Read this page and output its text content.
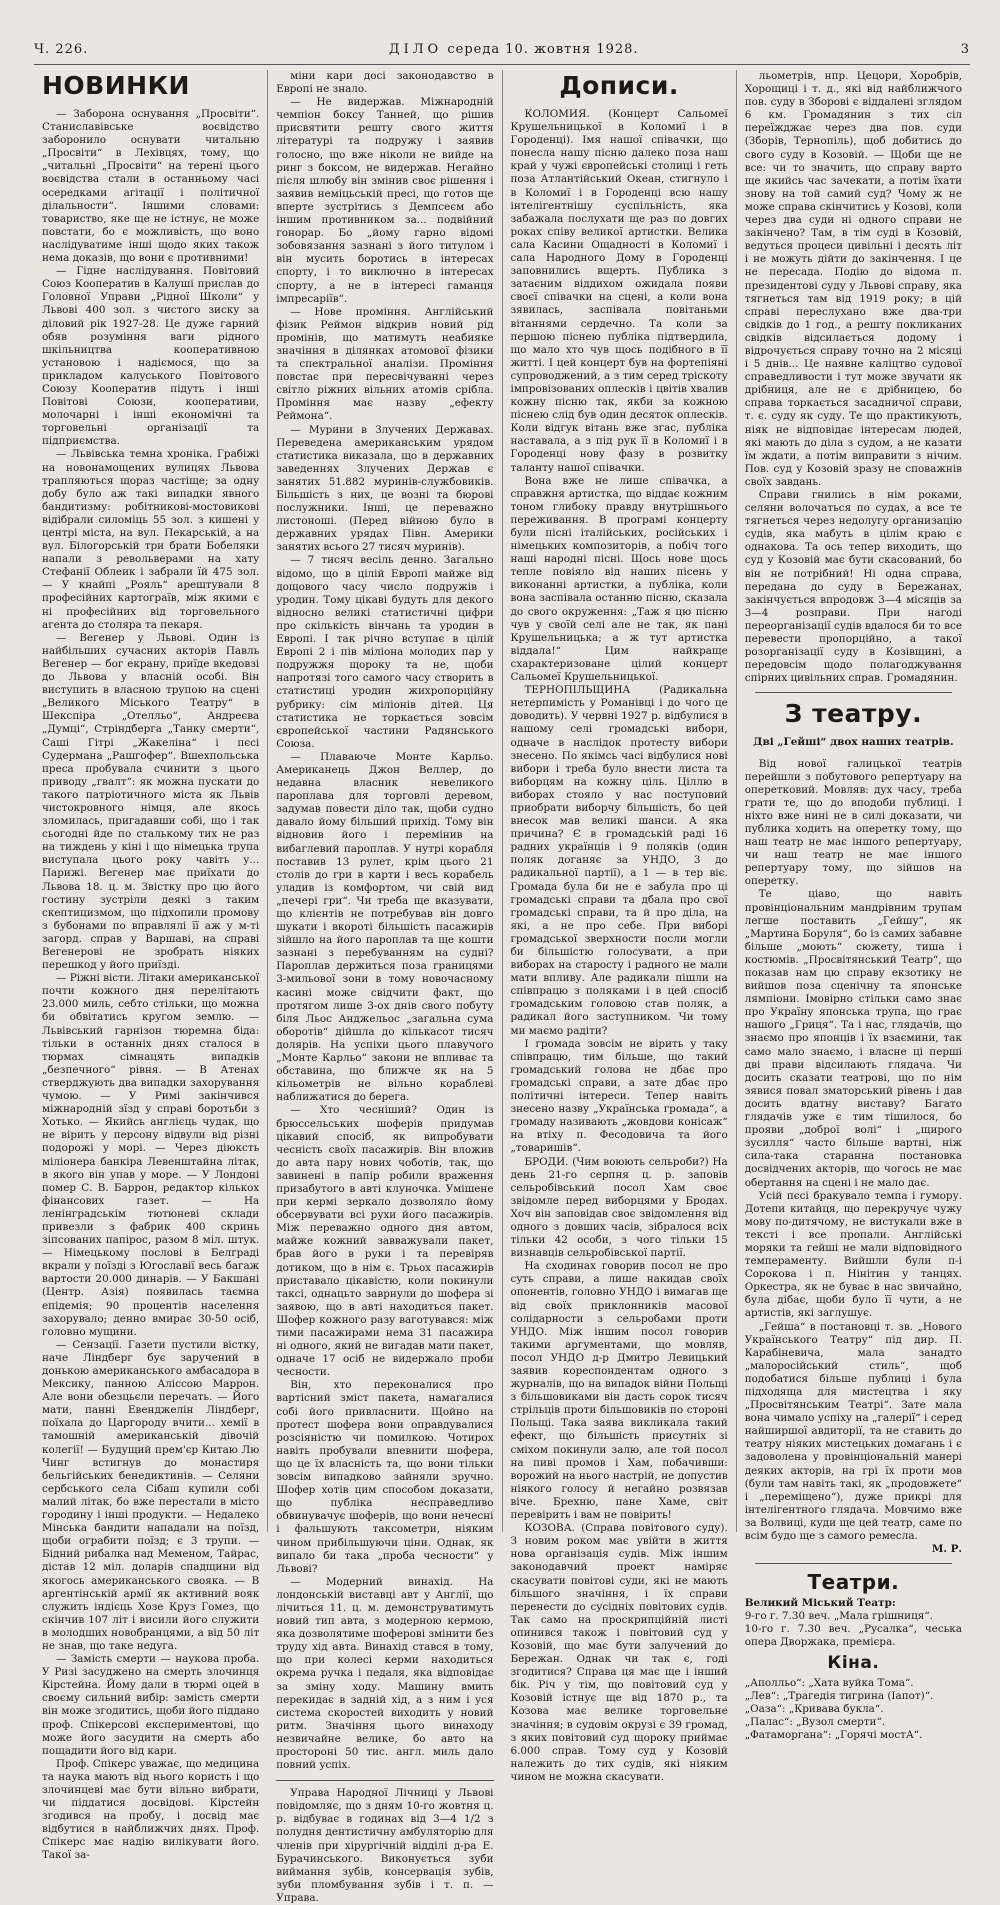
Ч. 226.	ДІЛО середа 10. жовтня 1928.	3
НОВИНКИ

— Заборона оснування „Просвіти“. Станиславівське воєвідство заборонило оснувати читальню „Просвіти“ в Лехівцях, тому, що „читальні „Просвіти“ на терені цього воєвідства стали в останньому часі осередками агітації і політичної ділальности“. Іншими словами: товариство, яке ще не істнує, не може повстати, бо є можливість, що воно наслідуватиме інші щодо яких також нема доказів, що вони є противними!

— Гідне наслідування. Повітовий Союз Кооператив в Калуші прислав до Головної Управи „Рідної Школи“ у Львові 400 зол. з чистого зиску за діловий рік 1927-28. Це дуже гарний обяв розуміння ваги рідного шкільництва кооперативною установою і надіємося, що за прикладом калуського Повітового Союзу Кооператив підуть і інші Повітові Союзи, кооперативи, молочарні і інші економічні та торговельні організації та підприємства.

— Львівська темна хроніка. Грабіжі на новонамощених вулицях Львова трапляються щораз частіще; за одну добу було аж такі випадки явного бандитизму: робітникові-мостовикові відібрали силоміць 55 зол. з кишені у центрі міста, на вул. Пекарській, а на вул. Білогорській три брати Бобеляки напали з револьверами на хату Стефанії Облеик і забрали їй 475 зол. — У кнайпі „Рояль“ арештували 8 професійних картограїв, між якими є ні професійних від торговельного агента до столяра та пекаря.

— Вегенер у Львові. Один із найбільших сучасних акторів Павль Вегенер — бог екрану, приїде вкедовзі до Львова у власній особі. Він виступить в власною трупою на сцені „Великого Міського Театру“ в Шекспіра „Отелльо“, Андреєва „Думці“, Стріндберга „Танку смерти“, Саші Гітрі „Жакеліна“ і пєсі Судермана „Рашгофер“. Вшехпольська преса пробувала счинити з цього приводу „гвалт“: як можна пускати до такого патріотичного міста як Львів чистокровного німця, але якось зломилась, пригадавши собі, що і так сьогодні йде по сталькому тих не раз на тиждень у кіні і що німецька трупа виступала цього року чавіть у... Парижі. Вегенер має приїхати до Львова 18. ц. м. Звістку про цю його гостину зустріли деякі з таким скептицизмом, що підхопили промову з бубонами по вправлялі її аж у м-ті загорд. справ у Варшаві, на справі Вегенерові не зробрать ніяких перешкод у його приїзді.

— Ріжні вісти. Літаки американської почти кожного дня перелітають 23.000 миль, себто стільки, що можна би обвітатись кругом землю. — Львівський гарнізон тюремна біда: тільки в останніх днях сталося в тюрмах сімнацять випадків „безпечного“ рівня. — В Атенах стверджують два випадки захорування чумою. — У Римі закінчився міжнародній зїзд у справі боротьби з Хотько. — Якийсь англієць чудак, що не вірить у персону відвули від різні подорожі у морі. — Через діюксть міліонера банкіра Левенштайна літак, в якого він упав у море. — У Лондоні помер С. В. Баррон, редактор кількох фінансових газет. — На ленінградськім тютюневі склади привезли з фабрик 400 скринь зіпсованих папірос, разом 8 міл. штук. — Німецькому послові в Белграді вкрали у поїзді з Югославії весь багаж вартости 20.000 динарів. — У Бакшані (Центр. Азія) появилась таємна епідемія; 90 процентів населення захорувало; денно вмирає 30-50 осіб, головно мущини.

— Сензації. Газети пустили вістку, наче Ліндберг бує заручений в донькою американського амбасадора в Мексику, панною Аліссою Маррон. Але вони обезцьєли перечать. — Його мати, панні Евенджелін Ліндберг, поїхала до Царгороду вчити... хемії в тамошній американській дівочій колегії! — Будущий прем'єр Китаю Лю Чинг встигнув до монастиря бельгійських бенедиктинів. — Селяни сербського села Сібаш купили собі малий літак, бо вже перестали в місто городину і інші продукти. — Недалеко Мінська бандити нападали на поїзд, щоби ограбити поїзд; є 3 трупи. — Бідний рибалка над Меменом, Тайрас, дістав 12 міл. доларів спадщини від якогось американського свояка. — В аргентінській армії як активний вояк служить індієць Хозе Круз Гомез, що скінчив 107 літ і висили його служити в молодших новобранцями, а від 50 літ не знав, що таке недуга.

— Замість смерти — наукова проба. У Ризі засуджено на смерть злочинця Кірстейна. Йому дали в тюрмі оцей в своєму сильний вибір: замість смерти він може згодитись, щоби його піддано проф. Спікерсові експериментові, що може його засудити на смерть або пощадити його від кари.

Проф. Спікерс уважає, що медицина та наука мають від нього користь і що злочинцеві має бути вільно вибрати, чи піддатися досвідові. Кірстейн згодився на пробу, і досвід має відбутися в найближчих днях. Проф. Спікерс має надію вилікувати його. Такої за-

міни кари досі законодавство в Европі не знало.

— Не видержав. Міжнародній чемпіон боксу Танней, що рішив присвятити решту свого життя літературі та подружу і заявив голосно, що вже ніколи не вийде на ринг з боксом, не видержав. Негайно після шлюбу він змінив своє рішення і заявив неміцьській пресі, що готов ще вперте зустрітись з Демпсеєм або іншим противником за... подвійний гонорар. Бо „йому гарно відомі зобовязання зазнані з його титулом і він мусить боротись в інтересах спорту, і то виключно в інтересах спорту, а не в інтересі гаманця імпресаріїв“.

— Нове проміння. Англійський фізик Реймон відкрив новий рід промінів, що матимуть неабияке значіння в ділянках атомової фізики та спектральної аналізи. Проміння повстає при пересвічуванні через світло ріжних вільних атомів срібла. Проміння має назву „ефекту Реймона“.

— Мурини в Злучених Державах. Переведена американським урядом статистика виказала, що в державних заведеннях Злучених Держав є занятих 51.882 муринів-службовиків. Більшість з них, це возні та бюрові послужники. Інші, це переважно листоноші. (Перед війною було в державних урядах Півн. Америки занятих всього 27 тисяч муринів).

— 7 тисяч весіль денно. Загально відомо, що в цілій Европі майже від дощового часу число подружів і уродин. Тому цікаві будуть для декого відносно великі статистичні цифри про скількість вінчань та уродин в Европі. І так річно вступає в цілій Европі 2 і пів міліона молодих пар у подружжя щороку та не, щоби напротязі того самого часу створить в статистиці уродин жихропорційну рубрику: сім міліонів дітей. Ця статистика не торкається зовсім європейської частини Радянського Союза.

— Плаваюче Монте Карльо. Американець Джон Веллер, до недавна власник невеликого пароплава для торговлі деревом, задумав повести діло так, щоби судно давало йому більший прихід. Тому він відновив його і перемінив на вибаглевий пароплав. У нутрі корабля поставив 13 рулет, крім цього 21 столів до гри в карти і весь корабель уладив із комфортом, чи свій вид „печері гри“. Чи треба ще вказувати, що клієнтів не потребував він довго шукати і вкороті більшість пасажирів зійшло на його пароплав та ще кошти зазнані з перебуванням на судні? Пароплав держиться поза границями 3-мильової зони в тому новочасному касині може свідчити факт, що протягом лише 3-ох днів свого побуту біля Льос Анджельос „загальна сума оборотів“ дійшла до кількасот тисяч долярів. На успіхи цього плавучого „Монте Карльо“ закони не впливає та обставина, що ближче як на 5 кільометрів не вільно кораблеві наближатися до берега.

— Хто чесніший? Один із брюссельських шоферів придумав цікавий спосіб, як випробувати чесність своїх пасажирів. Він вложив до авта пару нових чоботів, так, що завинені в папір робили враження призабутого в авті клуночка. Умішене при кермі зеркало дозволяло йому обсервувати всі рухи його пасажирів. Між переважно одного дня автом, майже кожний завважували пакет, брав його в руки і та перевіряв дотиком, що в нім є. Трьох пасажирів приставало цікавістю, коли покинули таксі, однацьто заврнули до шофера зі заявою, що в авті находиться пакет. Шофер кожного разу ваготувався: між тими пасажирами нема 31 пасажира ні одного, який не вигадав мати пакет, одначе 17 осіб не видержало проби чесности.

Він, хто переконалися про вартісний зміст пакета, намагалися собі його привласнити. Щойно на протест шофера вони оправдувалися розсіяністю чи помилкою. Чотирох навіть пробували впевнити шофера, що це їх власність та, що вони тільки зовсім випадково зайняли зручно. Шофер хотів цим способом доказати, що публіка несправедливо обвинувачує шоферів, що вони нечесні і фальшують таксометри, ніяким чином прибільшуючи ціни. Однак, як випало би така „проба чесности“ у Львові?

— Модерний винахід. На лондонській виставці авт у Англії, що лічиться 11. ц. м. демонструватимуть новий тип авта, з модерною кермою, яка дозволятиме шоферові змінити без труду хід авта. Винахід стався в тому, що при колесі керми находиться окрема ручка і педаля, яка відповідає за зміну ходу. Машину вмить перекидає в задній хід, а з ним і уся система скоростей виходить у новий ритм. Значіння цього винаходу незвичайне велике, бо авто на простороні 50 тис. англ. миль дало повний успіх.

Управа Народної Лічниці у Львові повідомляє, що з дням 10-го жовтня ц. р. відбуває в годинах від 3—4 1/2 з полудня дентистичну амбуляторію для членів при хірургічній відділі д-ра Е. Бурачинського. Виконується зуби виймання зубів, консервація зубів, зуби пломбування зубів і т. п. — Управа.

Дописи.

КОЛОМИЯ. (Концерт Сальомеї Крушельницької в Коломиї і в Городенці). Імя нашої співачки, що понесла нашу пісню далеко поза наш край у чужі європейські столиці і геть поза Атлантійський Океан, стигнуло і в Коломиї і в Городенці всю нашу інтелігентнішу суспільність, яка забажала послухати ще раз по довгих роках співу великої артистки. Велика сала Касини Ощадності в Коломиї і сала Народного Дому в Городенці заповнились вщерть. Публика з затаєним віддихом ожидала появи своєї співачки на сцені, а коли вона зявилась, заспівала повітаньми вітаннями сердечно. Та коли за першою піснею публіка підтвердила, що мало хто чув щось подібного в її житті. І цей концерт був на фортепіяні супроводжений, а з тим серед тріскоту імпровізованих оплесків і цвітів хвалив кожну пісню так, якби за кожною піснею слід був один десяток оплесків. Коли відгук вітань вже згас, публіка наставала, а з під рук її в Коломиї і в Городенці нову фазу в розвитку таланту нашої співачки.

Вона вже не лише співачка, а справжня артистка, що віддає кожним тоном глибоку правду внутрішнього переживання. В програмі концерту були пісні італійських, російських і німецьких композиторів, а побіч того наші народні пісні. Щось нове щось тепле повіяло від наших пісень у виконанні артистки, а публіка, коли вона заспівала останню пісню, сказала до свого окруження: „Таж я цю пісню чув у своїй селі але не так, як пані Крушельницька; а ж тут артистка віддала!“ Цим найкраще схарактеризоване цілий концерт Сальомеї Крушельницької.

ТЕРНОПІЛЬЩИНА (Радикальна нетерпимість у Романівці і до чого це доводить). У червні 1927 р. відбулися в нашому селі громадські вибори, одначе в наслідок протесту вибори знесено. По якімсь часі відбулися нові вибори і треба було внести листа та виборцям на кожну ціль. Ціллю в виборах стояло у нас поступовий приобрати виборчу більшість, бо цей внесок мав великі шанси. А яка причина? Є в громадській раді 16 радних українців і 9 поляків (один поляк доганяє за УНДО, 3 до радикальної партії), а 1 — в тер віє. Громада була би не е забула про ці громадські справи та дбала про свої громадські справи, та й про діла, на які, а не про себе. При виборі громадської зверхности посли могли би більшістю голосувати, а при виборах на старосту і радного не мали мати впливу. Але радикали пішли на співпрацю з поляками і в цей спосіб громадським головою став поляк, а радикал його заступником. Чи тому ми маємо радіти?

І громада зовсім не вірить у таку співпрацю, тим більше, що такий громадський голова не дбає про громадські справи, а зате дбає про політичні інтереси. Тепер навіть знесено назву „Українська громада“, а громаду називають „жовдови конісаж“ на втіху п. Фесодовича та його „товаришів“.

БРОДИ. (Чим воюють сельроби?) На день 21-го серпня ц. р. заповів сельробівський посол Хам своє звідомле перед виборцями у Бродах. Хоч він заповідав своє звідомлення від одного з довших часів, зібралося всіх тільки 42 особи, з чого тільки 15 визнавців сельробівської партії.

На сходинах говорив посол не про суть справи, а лише накидав своїх опонентів, головно УНДО і вимагав ще від своїх приклонників масової солідарности з сельробами проти УНДО. Між іншим посол говорив такими аргументами, що мовляв, посол УНДО д-р Дмитро Левицький заявив кореспондентам одного з журналів, що на випадок війни Польщі з більшовиками він дасть сорок тисяч стрільців проти більшовиків по стороні Польщі. Така заява викликала такий ефект, що більшість присутніх зі сміхом покинули залю, але той посол на пиві промов і Хам, побачивши: ворожий на нього настрій, не допустив ніякого голосу й негайно розвязав віче. Брехню, пане Хаме, світ перевірить і вам не повірить!

КОЗОВА. (Справа повітового суду). З новим роком має увійти в життя нова організація судів. Між іншим законодавчий проект наміряє скасувати повітові суди, які не мають більшого значіння, і їх справи перенести до сусідніх повітових судів. Так само на проскрипційній листі опинився також і повітовий суд у Козовій, що має бути залучений до Бережан. Однак чи так є, годі згодитися? Справа ця має ще і інший бік. Річ у тім, що повітовий суд у Козовій істнує ще від 1870 р., та Козова має велике торговельне значіння; в судовім окрузі є 39 громад, з яких повітовий суд щороку приймає 6.000 справ. Тому суд у Козовій належить до тих судів, які ніяким чином не можна скасувати.

льометрів, нпр. Цецори, Хоробрів, Хорощиці і т. д., які від найближчого пов. суду в Зборові є віддалені зглядом 6 км. Громадянин з тих сіл переїжджає через два пов. суди (Зборів, Тернопіль), щоб добитись до свого суду в Козовій. — Щоби ще не все: чи то значить, що справу варто ще якийсь час зачекати, а потім їхати знову на той самий суд? Чому ж не може справа скінчитись у Козові, коли через два суди ні одного справи не закінчено? Там, в тім суді в Козовій, ведуться процеси цивільні і десять літ і не можуть дійти до закінчення. І це не пересада. Подію до відома п. президентові суду у Львові справу, яка тягнеться там від 1919 року; в цій справі переслухано вже два-три свідків до 1 год., а решту покликаних свідків відсилається додому і відрочується справу точно на 2 місяці і 5 днів... Це наявне каліцтво судової справедливости і тут може звучати як дрібниця, але не є дрібницею, бо справа торкається засадничої справи, т. є. суду як суду. Те що практикують, ніяк не відповідає інтересам людей, які мають до діла з судом, а не казати їм ждати, а потім виправити з нічим. Пов. суд у Козовій зразу не споважнів своїх завдань.

Справи гнились в нім роками, селяни волочаться по судах, а все те тягнеться через недолугу организацію судів, яка мабуть в цілім краю є однакова. Та ось тепер виходить, що суд у Козовій має бути скасований, бо він не потрібний! Ні одна справа, передана до суду в Бережанах, закінчується впродовж 3—4 місяців за 3—4 розправи. При нагоді переорганізації судів вдалося би то все перевести пропорційно, а такої розорганізації суду в Козівщині, а передовсім щодо полагоджування спірних цивільних справ. Громадянин.

З театру.
Дві „Гейші“ двох наших театрів.

Від нової галицької театрів перейшли з побутового репертуару на оперетковий. Мовляв: дух часу, треба грати те, що до вподоби публиці. І ніхто вже нині не в силі доказати, чи публика ходить на оперетку тому, що наш театр не має іншого репертуару, чи наш театр не має іншого репертуару тому, що зійшов на оперетку.

Те ціаво, що навіть провінціональним мандрівним трупам легше поставить „Гейшу“, як „Мартина Боруля“, бо із самих забавне більше „моють“ сюжету, тиша і костюмів. „Просвітянський Театр“, що показав нам цю справу екзотику не вийшов поза сценічну та японське лямпіони. Імовірно стільки само знає про Україну японська трупа, що грає нашого „Гриця“. Та і нас, глядачів, що знаємо про японців і їх взаємини, так само мало знаємо, і власне ці перші дві прави відсилають глядача. Чи досить сказати театрові, що по нім зявися повал зматорський рівень і дав досить вдатну виставу? Багато глядачів уже є тим тішилося, бо прояви „доброї волі“ і „щирого зусилля“ часто більше вартні, ніж сила-така старанна постановка досвідчених акторів, що чогось не має обертання на сцені і не мало дає.

Усій пєсі бракувало темпа і гумору. Дотепи китайця, що перекручує чужу мову по-дитячому, не вистукали вже в тексті і все пропали. Англійські моряки та гейші не мали відповідного темпераменту. Вийшли були п-і Сорокова і п. Нінітин у танцях. Оркестра, як не буває в нас звичайно, була дібає, щоби було її чути, а не артистів, які заглушує.

„Гейша“ в постановці т. зв. „Нового Українського Театру“ під дир. П. Карабіневича, мала занадто „малоросійський стиль“, щоб подобатися більше публиці і була підходяща для мистецтва і яку „Просвітянським Театрі“. Зате мала вона чимало успіху на „галерії“ і серед найширшої авдиторії, та не ставить до театру ніяких мистецьких домагань і є задоволена у провінціональній манері деяких акторів, на грі їх проти мов (були там навіть такі, як „продовжете“ і „переміщено“), дуже прикрі для інтелігентного глядача. Мовчимо вже за Волвиці, куди ще цей театр, саме по всім будо ще з самого ремесла.

М. Р.
Театри.

Великий Міський Театр:

9-го г. 7.30 веч. „Мала грішниця“.

10-го г. 7.30 веч. „Русалка“, чеська опера Дворжака, премієра.

Кіна.

„Аполльо“: „Хата вуйка Тома“.

„Лев“: „Трагедія тигрина (Іапот)“.

„Оаза“: „Кривава букла“.

„Палас“: „Вузол смерти“.

„Фатаморгана“: „Горячі мостА“.
